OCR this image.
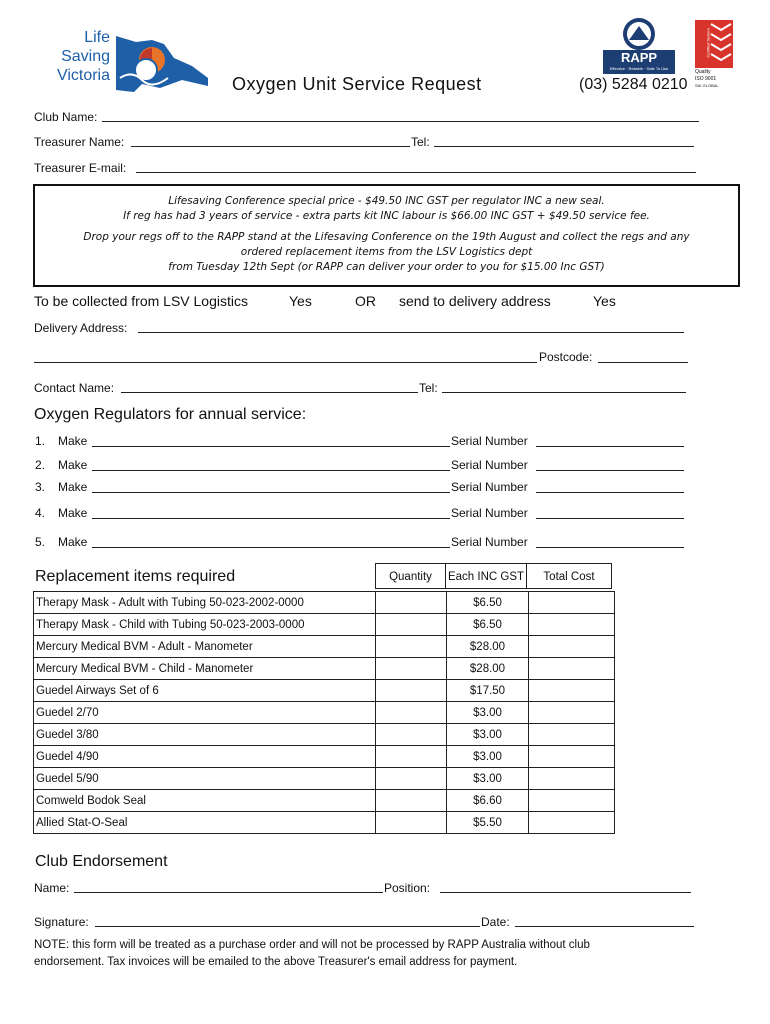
Life
Saving
Victoria	Oxygen Unit Service Request
RAPP
Effective · Reliable · Safe To Use
Certified System
Quality
ISO 9001
SAI GLOBAL
(03) 5284 0210
Club Name:
Treasurer Name:	Tel:
Treasurer E-mail:

Lifesaving Conference special price - $49.50 INC GST per regulator INC a new seal.

If reg has had 3 years of service - extra parts kit INC labour is $66.00 INC GST + $49.50 service fee.

Drop your regs off to the RAPP stand at the Lifesaving Conference on the 19th August and collect the regs and any

ordered replacement items from the LSV Logistics dept

from Tuesday 12th Sept (or RAPP can deliver your order to you for $15.00 Inc GST)

To be collected from LSV Logistics	Yes	OR send to delivery address	Yes
Delivery Address:
Postcode:
Contact Name:	Tel:
Oxygen Regulators for annual service:
1. Make	Serial Number
2. Make	Serial Number
3. Make	Serial Number
4. Make	Serial Number
5. Make	Serial Number
Replacement items required	Quantity	Each INC GST	Total Cost
Therapy Mask - Adult with Tubing 50-023-2002-0000		$6.50	
Therapy Mask - Child with Tubing 50-023-2003-0000		$6.50	
Mercury Medical BVM - Adult - Manometer		$28.00	
Mercury Medical BVM - Child - Manometer		$28.00	
Guedel Airways Set of 6		$17.50	
Guedel 2/70		$3.00	
Guedel 3/80		$3.00	
Guedel 4/90		$3.00	
Guedel 5/90		$3.00	
Comweld Bodok Seal		$6.60	
Allied Stat-O-Seal		$5.50	
Club Endorsement
Name:	Position:
Signature:	Date:
NOTE: this form will be treated as a purchase order and will not be processed by RAPP Australia without club
endorsement. Tax invoices will be emailed to the above Treasurer's email address for payment.
